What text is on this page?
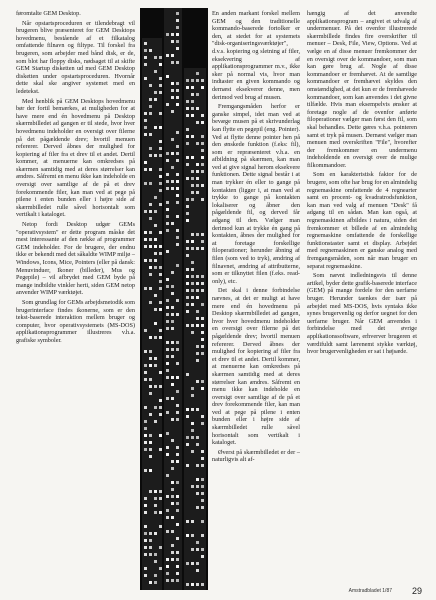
føromtalte GEM Desktop.

Når opstartsproceduren er tilendebragt vil brugeren blive præsenteret for GEM Desktops hovedmenu, bestående af et filkatalog omfattende filnavn og filtype. Til forskel fra brugeren, som arbejder med bånd disk, er de, som blot har floppy disks, nødsaget til at skifte GEM Startup disketten ud med GEM Desktop disketten under opstartsproceduren. Hvornår dette skal ske angiver systemet med en ledetekst.

Med henblik på GEM Desktops hovedmenu bør der fortil bemærkes, at muligheden for at have mere end én hovedmenu på Desktop skærmbilledet ad gangen er til stede, hvor hver hovedmenu indeholder en oversigt over filerne på det pågældende drev; hvortil menuen refererer. Derved åbnes der mulighed for kopiering af filer fra et drev til et andet. Dertil kommer, at menuerne kan omkredses på skærmen samtidig med at deres størrelser kan ændres. Såfremt en menu ikke kan indeholde en oversigt over samtlige af de på et drev forekommende filer, kan man ved at pege på pilene i enten bunden eller i højre side af skærmbilledet rulle såvel horisontalt som vertikalt i kataloget.

Netop fordi Desktop udgør GEMs "operativsystem" er dette program måske det mest interessante af den række af programmer GEM indeholder. For de brugere, der endnu ikke er bekendt med det såkaldte WIMP miljø – Windows, Icons, Mice, Pointers (eller på dansk: Menuvinduer, Ikoner (billeder), Mus og Pegepile) – vil afbrydet med GEM byde på mange indbildte vinkler herti, siden GEM netop anvender WIMP værktøjet.

Som grundlag for GEMs arbejdsmetodik som brugerinterface findes ikonerne, som er den tekst-baserede interaktion mellem bruger og computer, hvor operativsystemets (MS-DOS) applikationsprogrammer illustreres v.h.a. grafiske symboler.

En anden markant forskel mellem GEM og den traditionelle kommando-baserede fortolker er den, at stedet for at systemets "disk-organiseringsværktøjer", d.v.s. kopiering og sletning af filer, eksekvering af applikationsprogrammer m.v., ikke sker på normal vis, hvor man indtaster en given kommando og dernæst eksekverer denne, men derimod ved brug af musen.

Fremgangsmåden herfor er ganske simpel, idet man ved at bevæge musen på et skrivunderlag kan flytte en pegepil (eng. Pointer). Ved at flytte denne pointer hen på den ønskede funktion (f.eks: fil), som er repræsenteret v.h.a. en afbildning på skærmen, kan man ved at give signal herom eksekvere funktionen. Dette signal består i at man trykker én eller to gange på kontakten (ligger i, at man ved at trykke to gange på kontakten lokaliserer og åbner den pågældende fil, og derved får adgang til den. Vælger man derimod kun at trykke én gang på kontakten, åbnes der mulighed for at foretage forskellige filoperationer; herunder åbning af filen (som ved to tryk), ændring af filnavnet, ændring af attributterne, som er tilknyttet filen (f.eks. read-only), etc.

Det skal i denne forbindelse nævnes, at det er muligt at have mere end én hovedmenu på Desktop skærmbilledet ad gangen, hvor hver hovedmenu indeholder en oversigt over filerne på det pågældende drev; hvortil menuen refererer. Derved åbnes der mulighed for kopiering af filer fra et drev til et andet. Dertil kommer, at menuerne kan omkredses på skærmen samtidig med at deres størrelser kan ændres. Såfremt en menu ikke kan indeholde en oversigt over samtlige af de på et drev forekommende filer, kan man ved at pege på pilene i enten bunden eller i højre side af skærmbilledet rulle såvel horisontalt som vertikalt i kataloget.

Øverst på skærmbilledet er der – naturligvis alt af-

hængig af det anvendte applikationsprogram – angivet et udvalg af undermenuer. På det ovenfor illustrerede skærmbillede findes fire overskrifter til menuer – Desk, File, View, Options. Ved at vælge en af disse menuer fremkommer der en oversigt over de kommandoer, som man kan gøre brug af. Nogle af disse kommandoer er fremhævet. At de samtlige kommandoer er fremhævet skyldes den omstændighed, at det kun er de fremhævede kommandoer, som kan anvendes i det givne tilfælde. Hvis man eksempelvis ønsker at foretage nogle af de ovenfor anførte filoperationer vælger man først den fil, som skal behandles. Dette gøres v.h.a. pointeren samt et tryk på musen. Dernæst vælger man menuen med overskriften "File", hvorefter der fremkommer en undermenu indeholdende en oversigt over de mulige filkommandoer.

Som en karakteristisk faktor for de brugere, som ofte har brug for en almindelig regnemaskine omfattende de 4 regnearter samt en procent- og kvadratrodsfunktion, kan man ved valg af menuen "Desk" få adgang til en sådan. Man kan også, at regnemaskinen afbildes i natura, siden det fremkommer et billede af en almindelig regnemaskine omfattende de forskellige funktionstaster samt et display. Arbejdet med regnemaskinen er ganske analog med fremgangsmåden, som når man bruger en separat regnemaskine.

Som nævnt indledningsvis til denne artikel, byder dette grafik-baserede interface (GEM) på mange fordele for den uerfarne bruger. Herunder taenkes der især på arbejdet med MS-DOS, hvis syntaks ikke synes brugervenlig og derfor uegnet for den uerfarne bruger. Når GEM anvendes i forbindelse med det øvrige applikationssoftware, erhverver brugeren et værdifuldt samt lærenemt stykke værktøj, hvor brugervenligheden er sat i højsæde.

Amstradbladet 1/87 29
